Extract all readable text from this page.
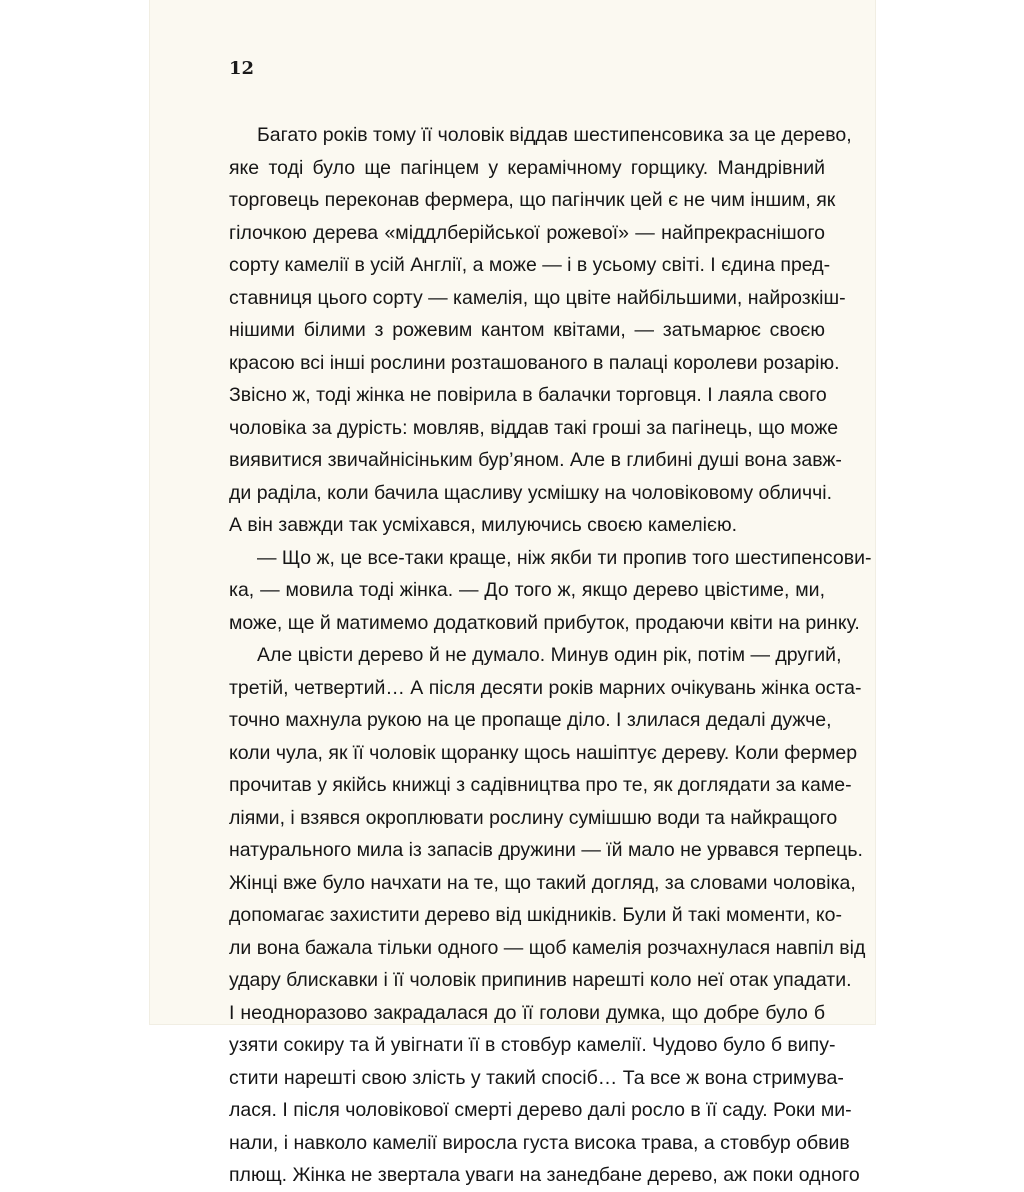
12
Багато років тому її чоловік віддав шестипенсовика за це дерево,
яке тоді було ще пагінцем у керамічному горщику. Мандрівний
торговець переконав фермера, що пагінчик цей є не чим іншим, як
гілочкою дерева «міддлберійської рожевої» — найпрекраснішого
сорту камелії в усій Англії, а може — і в усьому світі. І єдина пред-
ставниця цього сорту — камелія, що цвіте найбільшими, найрозкіш-
нішими білими з рожевим кантом квітами, — затьмарює своєю
красою всі інші рослини розташованого в палаці королеви розарію.
Звісно ж, тоді жінка не повірила в балачки торговця. І лаяла свого
чоловіка за дурість: мовляв, віддав такі гроші за пагінець, що може
виявитися звичайнісіньким бур’яном. Але в глибині душі вона завж-
ди раділа, коли бачила щасливу усмішку на чоловіковому обличчі.
А він завжди так усміхався, милуючись своєю камелією.
— Що ж, це все-таки краще, ніж якби ти пропив того шестипенсови-
ка, — мовила тоді жінка. — До того ж, якщо дерево цвістиме, ми,
може, ще й матимемо додатковий прибуток, продаючи квіти на ринку.
Але цвісти дерево й не думало. Минув один рік, потім — другий,
третій, четвертий… А після десяти років марних очікувань жінка оста-
точно махнула рукою на це пропаще діло. І злилася дедалі дужче,
коли чула, як її чоловік щоранку щось нашіптує дереву. Коли фермер
прочитав у якійсь книжці з садівництва про те, як доглядати за каме-
ліями, і взявся окроплювати рослину сумішшю води та найкращого
натурального мила із запасів дружини — їй мало не урвався терпець.
Жінці вже було начхати на те, що такий догляд, за словами чоловіка,
допомагає захистити дерево від шкідників. Були й такі моменти, ко-
ли вона бажала тільки одного — щоб камелія розчахнулася навпіл від
удару блискавки і її чоловік припинив нарешті коло неї отак упадати.
І неодноразово закрадалася до її голови думка, що добре було б
узяти сокиру та й увігнати її в стовбур камелії. Чудово було б випу-
стити нарешті свою злість у такий спосіб… Та все ж вона стримува-
лася. І після чоловікової смерті дерево далі росло в її саду. Роки ми-
нали, і навколо камелії виросла густа висока трава, а стовбур обвив
плющ. Жінка не звертала уваги на занедбане дерево, аж поки одного
